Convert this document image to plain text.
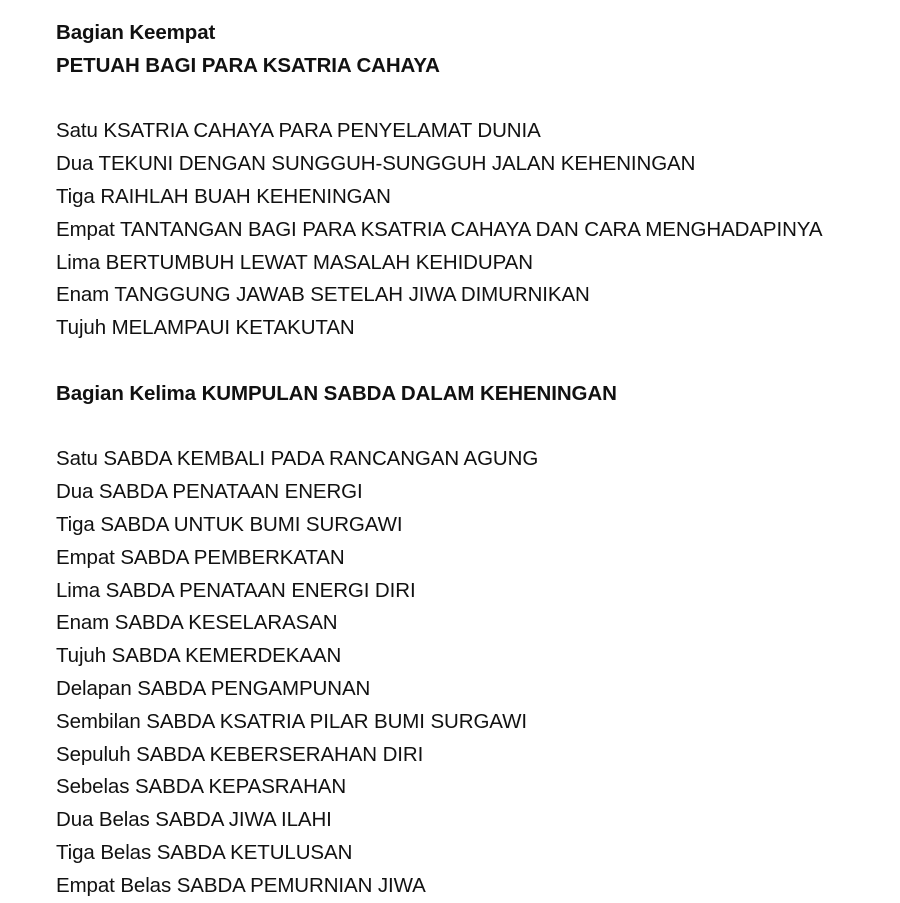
Bagian Keempat
PETUAH BAGI PARA KSATRIA CAHAYA
Satu KSATRIA CAHAYA PARA PENYELAMAT DUNIA
Dua TEKUNI DENGAN SUNGGUH-SUNGGUH JALAN KEHENINGAN
Tiga RAIHLAH BUAH KEHENINGAN
Empat TANTANGAN BAGI PARA KSATRIA CAHAYA DAN CARA MENGHADAPINYA
Lima BERTUMBUH LEWAT MASALAH KEHIDUPAN
Enam TANGGUNG JAWAB SETELAH JIWA DIMURNIKAN
Tujuh MELAMPAUI KETAKUTAN
Bagian Kelima KUMPULAN SABDA DALAM KEHENINGAN
Satu SABDA KEMBALI PADA RANCANGAN AGUNG
Dua SABDA PENATAAN ENERGI
Tiga SABDA UNTUK BUMI SURGAWI
Empat SABDA PEMBERKATAN
Lima SABDA PENATAAN ENERGI DIRI
Enam SABDA KESELARASAN
Tujuh SABDA KEMERDEKAAN
Delapan SABDA PENGAMPUNAN
Sembilan SABDA KSATRIA PILAR BUMI SURGAWI
Sepuluh SABDA KEBERSERAHAN DIRI
Sebelas SABDA KEPASRAHAN
Dua Belas SABDA JIWA ILAHI
Tiga Belas SABDA KETULUSAN
Empat Belas SABDA PEMURNIAN JIWA
